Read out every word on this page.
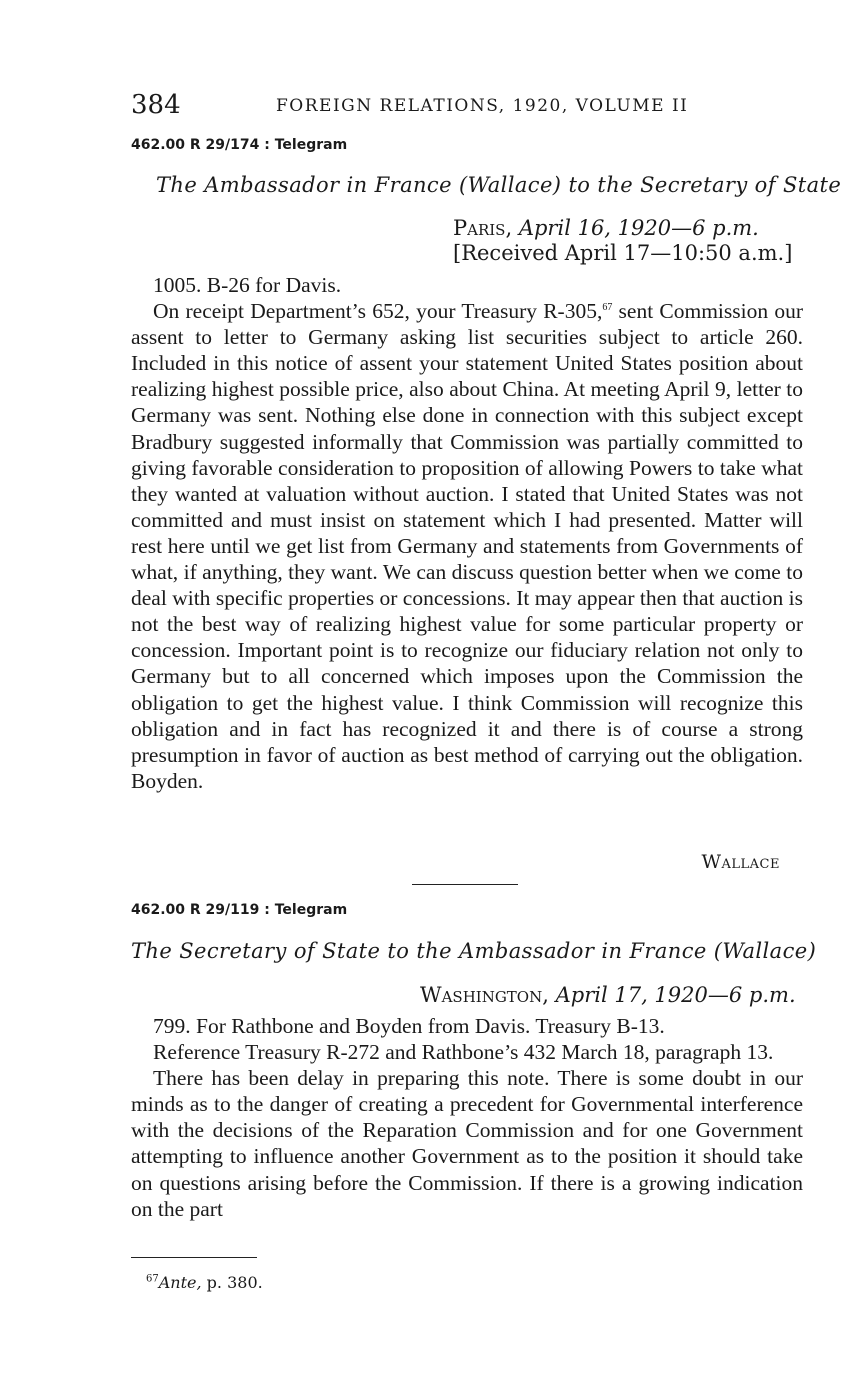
384	FOREIGN RELATIONS, 1920, VOLUME II
462.00 R 29/174 : Telegram
The Ambassador in France (Wallace) to the Secretary of State
Paris, April 16, 1920—6 p.m.
[Received April 17—10:50 a.m.]

1005. B-26 for Davis.

On receipt Department’s 652, your Treasury R-305,67 sent Commission our assent to letter to Germany asking list securities subject to article 260. Included in this notice of assent your statement United States position about realizing highest possible price, also about China. At meeting April 9, letter to Germany was sent. Nothing else done in connection with this subject except Bradbury suggested informally that Commission was partially committed to giving favorable consideration to proposition of allowing Powers to take what they wanted at valuation without auction. I stated that United States was not committed and must insist on statement which I had presented. Matter will rest here until we get list from Germany and statements from Governments of what, if anything, they want. We can discuss question better when we come to deal with specific properties or concessions. It may appear then that auction is not the best way of realizing highest value for some particular property or concession. Important point is to recognize our fiduciary relation not only to Germany but to all concerned which imposes upon the Commission the obligation to get the highest value. I think Commission will recognize this obligation and in fact has recognized it and there is of course a strong presumption in favor of auction as best method of carrying out the obligation. Boyden.

Wallace
462.00 R 29/119 : Telegram
The Secretary of State to the Ambassador in France (Wallace)
Washington, April 17, 1920—6 p.m.

799. For Rathbone and Boyden from Davis. Treasury B-13.

Reference Treasury R-272 and Rathbone’s 432 March 18, paragraph 13.

There has been delay in preparing this note. There is some doubt in our minds as to the danger of creating a precedent for Governmental interference with the decisions of the Reparation Commission and for one Government attempting to influence another Government as to the position it should take on questions arising before the Commission. If there is a growing indication on the part

$^{67}$Ante, p. 380.
